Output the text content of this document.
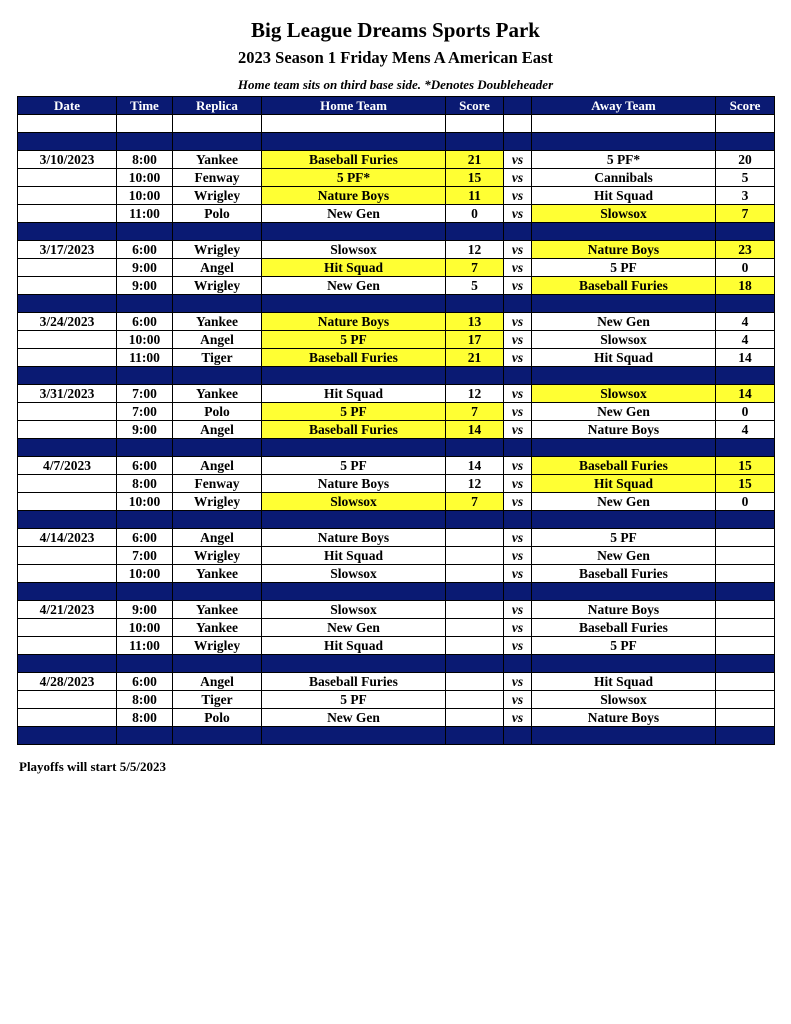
Big League Dreams Sports Park
2023 Season 1 Friday Mens A American East
Home team sits on third base side. *Denotes Doubleheader
Date	Time	Replica	Home Team	Score		Away Team	Score

3/10/2023	8:00	Yankee	Baseball Furies	21	vs	5 PF*	20
	10:00	Fenway	5 PF*	15	vs	Cannibals	5
	10:00	Wrigley	Nature Boys	11	vs	Hit Squad	3
	11:00	Polo	New Gen	0	vs	Slowsox	7

3/17/2023	6:00	Wrigley	Slowsox	12	vs	Nature Boys	23
	9:00	Angel	Hit Squad	7	vs	5 PF	0
	9:00	Wrigley	New Gen	5	vs	Baseball Furies	18

3/24/2023	6:00	Yankee	Nature Boys	13	vs	New Gen	4
	10:00	Angel	5 PF	17	vs	Slowsox	4
	11:00	Tiger	Baseball Furies	21	vs	Hit Squad	14

3/31/2023	7:00	Yankee	Hit Squad	12	vs	Slowsox	14
	7:00	Polo	5 PF	7	vs	New Gen	0
	9:00	Angel	Baseball Furies	14	vs	Nature Boys	4

4/7/2023	6:00	Angel	5 PF	14	vs	Baseball Furies	15
	8:00	Fenway	Nature Boys	12	vs	Hit Squad	15
	10:00	Wrigley	Slowsox	7	vs	New Gen	0

4/14/2023	6:00	Angel	Nature Boys		vs	5 PF	
	7:00	Wrigley	Hit Squad		vs	New Gen	
	10:00	Yankee	Slowsox		vs	Baseball Furies	

4/21/2023	9:00	Yankee	Slowsox		vs	Nature Boys	
	10:00	Yankee	New Gen		vs	Baseball Furies	
	11:00	Wrigley	Hit Squad		vs	5 PF	

4/28/2023	6:00	Angel	Baseball Furies		vs	Hit Squad	
	8:00	Tiger	5 PF		vs	Slowsox	
	8:00	Polo	New Gen		vs	Nature Boys	

Playoffs will start 5/5/2023
